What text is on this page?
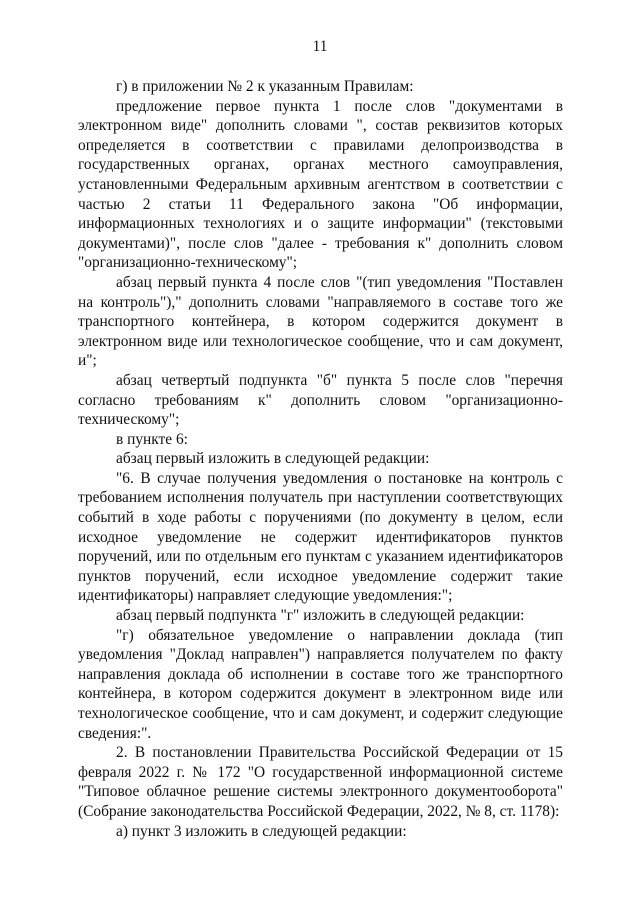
11

г) в приложении № 2 к указанным Правилам:

предложение первое пункта 1 после слов "документами в электронном виде" дополнить словами ", состав реквизитов которых определяется в соответствии с правилами делопроизводства в государственных органах, органах местного самоуправления, установленными Федеральным архивным агентством в соответствии с частью 2 статьи 11 Федерального закона "Об информации, информационных технологиях и о защите информации" (текстовыми документами)", после слов "далее - требования к" дополнить словом "организационно-техническому";

абзац первый пункта 4 после слов "(тип уведомления "Поставлен на контроль")," дополнить словами "направляемого в составе того же транспортного контейнера, в котором содержится документ в электронном виде или технологическое сообщение, что и сам документ, и";

абзац четвертый подпункта "б" пункта 5 после слов "перечня согласно требованиям к" дополнить словом "организационно-техническому";

в пункте 6:

абзац первый изложить в следующей редакции:

"6. В случае получения уведомления о постановке на контроль с требованием исполнения получатель при наступлении соответствующих событий в ходе работы с поручениями (по документу в целом, если исходное уведомление не содержит идентификаторов пунктов поручений, или по отдельным его пунктам с указанием идентификаторов пунктов поручений, если исходное уведомление содержит такие идентификаторы) направляет следующие уведомления:";

абзац первый подпункта "г" изложить в следующей редакции:

"г) обязательное уведомление о направлении доклада (тип уведомления "Доклад направлен") направляется получателем по факту направления доклада об исполнении в составе того же транспортного контейнера, в котором содержится документ в электронном виде или технологическое сообщение, что и сам документ, и содержит следующие сведения:".

2. В постановлении Правительства Российской Федерации от 15 февраля 2022 г. № 172 "О государственной информационной системе "Типовое облачное решение системы электронного документооборота" (Собрание законодательства Российской Федерации, 2022, № 8, ст. 1178):

а) пункт 3 изложить в следующей редакции:
